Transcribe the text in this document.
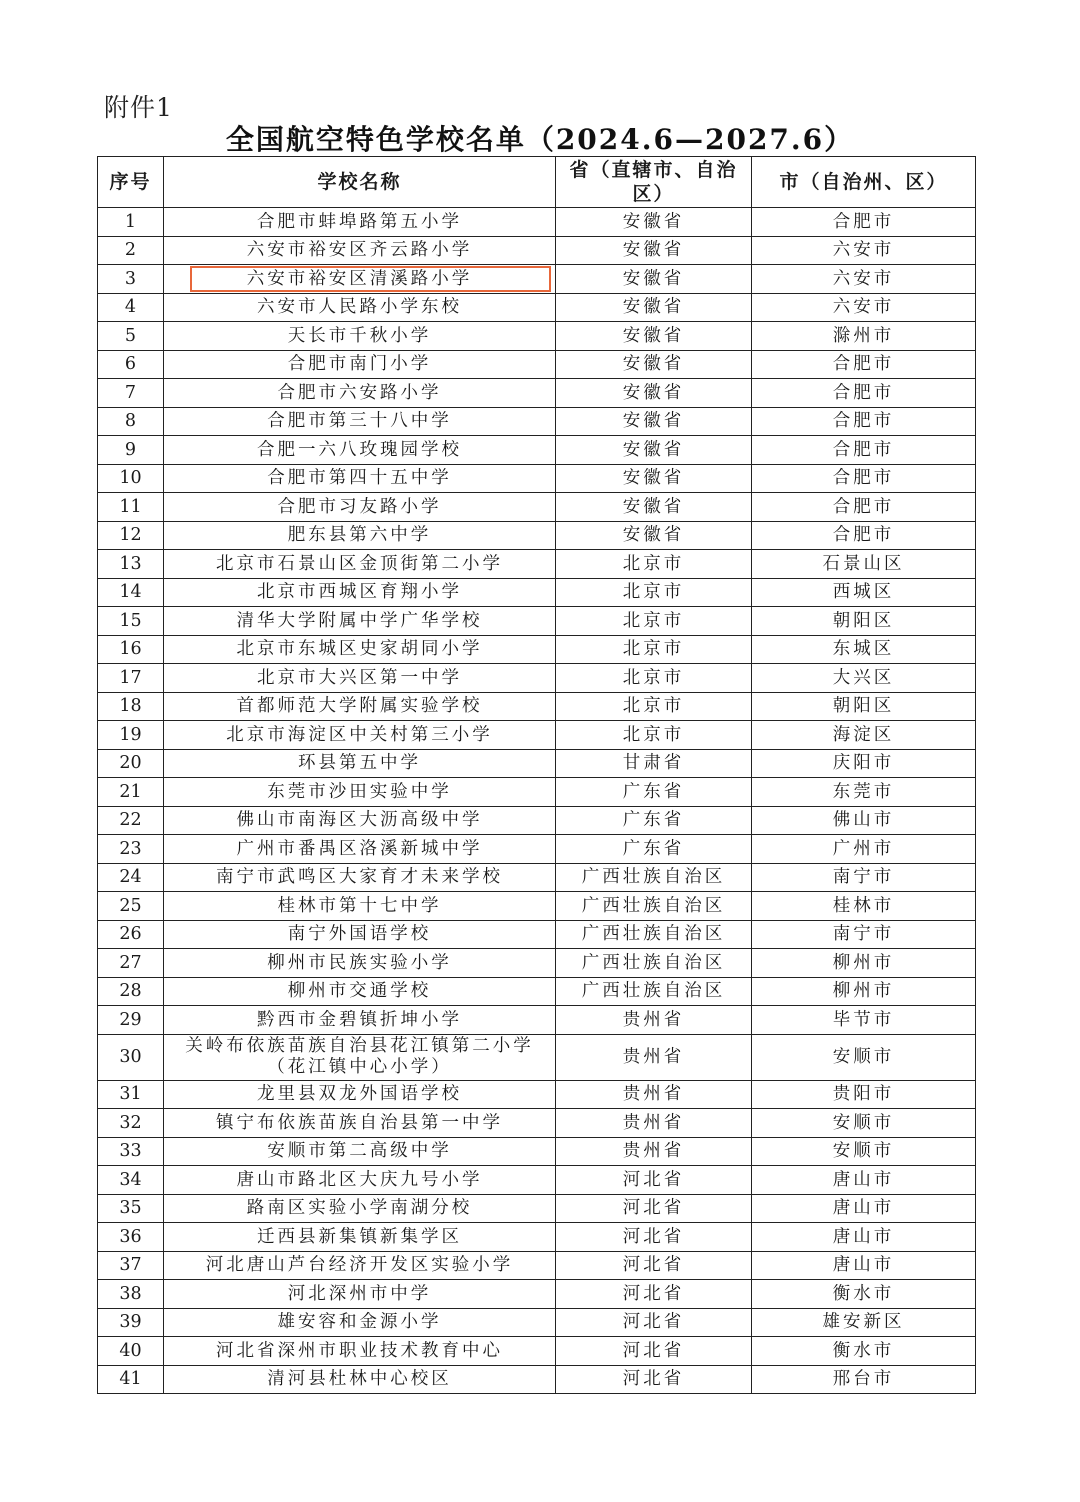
附件1
全国航空特色学校名单（2024.6—2027.6）
序号	学校名称	省（直辖市、自治区）	市（自治州、区）
1	合肥市蚌埠路第五小学	安徽省	合肥市
2	六安市裕安区齐云路小学	安徽省	六安市
3	六安市裕安区清溪路小学	安徽省	六安市
4	六安市人民路小学东校	安徽省	六安市
5	天长市千秋小学	安徽省	滁州市
6	合肥市南门小学	安徽省	合肥市
7	合肥市六安路小学	安徽省	合肥市
8	合肥市第三十八中学	安徽省	合肥市
9	合肥一六八玫瑰园学校	安徽省	合肥市
10	合肥市第四十五中学	安徽省	合肥市
11	合肥市习友路小学	安徽省	合肥市
12	肥东县第六中学	安徽省	合肥市
13	北京市石景山区金顶街第二小学	北京市	石景山区
14	北京市西城区育翔小学	北京市	西城区
15	清华大学附属中学广华学校	北京市	朝阳区
16	北京市东城区史家胡同小学	北京市	东城区
17	北京市大兴区第一中学	北京市	大兴区
18	首都师范大学附属实验学校	北京市	朝阳区
19	北京市海淀区中关村第三小学	北京市	海淀区
20	环县第五中学	甘肃省	庆阳市
21	东莞市沙田实验中学	广东省	东莞市
22	佛山市南海区大沥高级中学	广东省	佛山市
23	广州市番禺区洛溪新城中学	广东省	广州市
24	南宁市武鸣区大家育才未来学校	广西壮族自治区	南宁市
25	桂林市第十七中学	广西壮族自治区	桂林市
26	南宁外国语学校	广西壮族自治区	南宁市
27	柳州市民族实验小学	广西壮族自治区	柳州市
28	柳州市交通学校	广西壮族自治区	柳州市
29	黔西市金碧镇折坤小学	贵州省	毕节市
30	关岭布依族苗族自治县花江镇第二小学
（花江镇中心小学）	贵州省	安顺市
31	龙里县双龙外国语学校	贵州省	贵阳市
32	镇宁布依族苗族自治县第一中学	贵州省	安顺市
33	安顺市第二高级中学	贵州省	安顺市
34	唐山市路北区大庆九号小学	河北省	唐山市
35	路南区实验小学南湖分校	河北省	唐山市
36	迁西县新集镇新集学区	河北省	唐山市
37	河北唐山芦台经济开发区实验小学	河北省	唐山市
38	河北深州市中学	河北省	衡水市
39	雄安容和金源小学	河北省	雄安新区
40	河北省深州市职业技术教育中心	河北省	衡水市
41	清河县杜林中心校区	河北省	邢台市
